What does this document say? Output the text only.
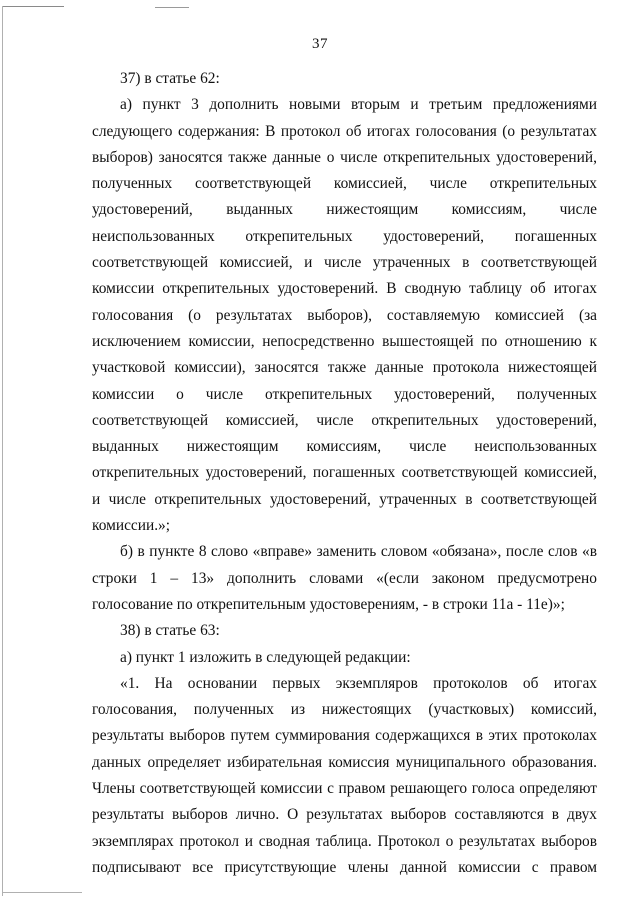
37

37) в статье 62:

а) пункт 3 дополнить новыми вторым и третьим предложениями следующего содержания: В протокол об итогах голосования (о результатах выборов) заносятся также данные о числе открепительных удостоверений, полученных соответствующей комиссией, числе открепительных удостоверений, выданных нижестоящим комиссиям, числе неиспользованных открепительных удостоверений, погашенных соответствующей комиссией, и числе утраченных в соответствующей комиссии открепительных удостоверений. В сводную таблицу об итогах голосования (о результатах выборов), составляемую комиссией (за исключением комиссии, непосредственно вышестоящей по отношению к участковой комиссии), заносятся также данные протокола нижестоящей комиссии о числе открепительных удостоверений, полученных соответствующей комиссией, числе открепительных удостоверений, выданных нижестоящим комиссиям, числе неиспользованных открепительных удостоверений, погашенных соответствующей комиссией, и числе открепительных удостоверений, утраченных в соответствующей комиссии.»;

б) в пункте 8 слово «вправе» заменить словом «обязана», после слов «в строки 1 – 13» дополнить словами «(если законом предусмотрено голосование по открепительным удостоверениям, - в строки 11а - 11е)»;

38) в статье 63:

а) пункт 1 изложить в следующей редакции:

«1. На основании первых экземпляров протоколов об итогах голосования, полученных из нижестоящих (участковых) комиссий, результаты выборов путем суммирования содержащихся в этих протоколах данных определяет избирательная комиссия муниципального образования. Члены соответствующей комиссии с правом решающего голоса определяют результаты выборов лично. О результатах выборов составляются в двух экземплярах протокол и сводная таблица. Протокол о результатах выборов подписывают все присутствующие члены данной комиссии с правом
